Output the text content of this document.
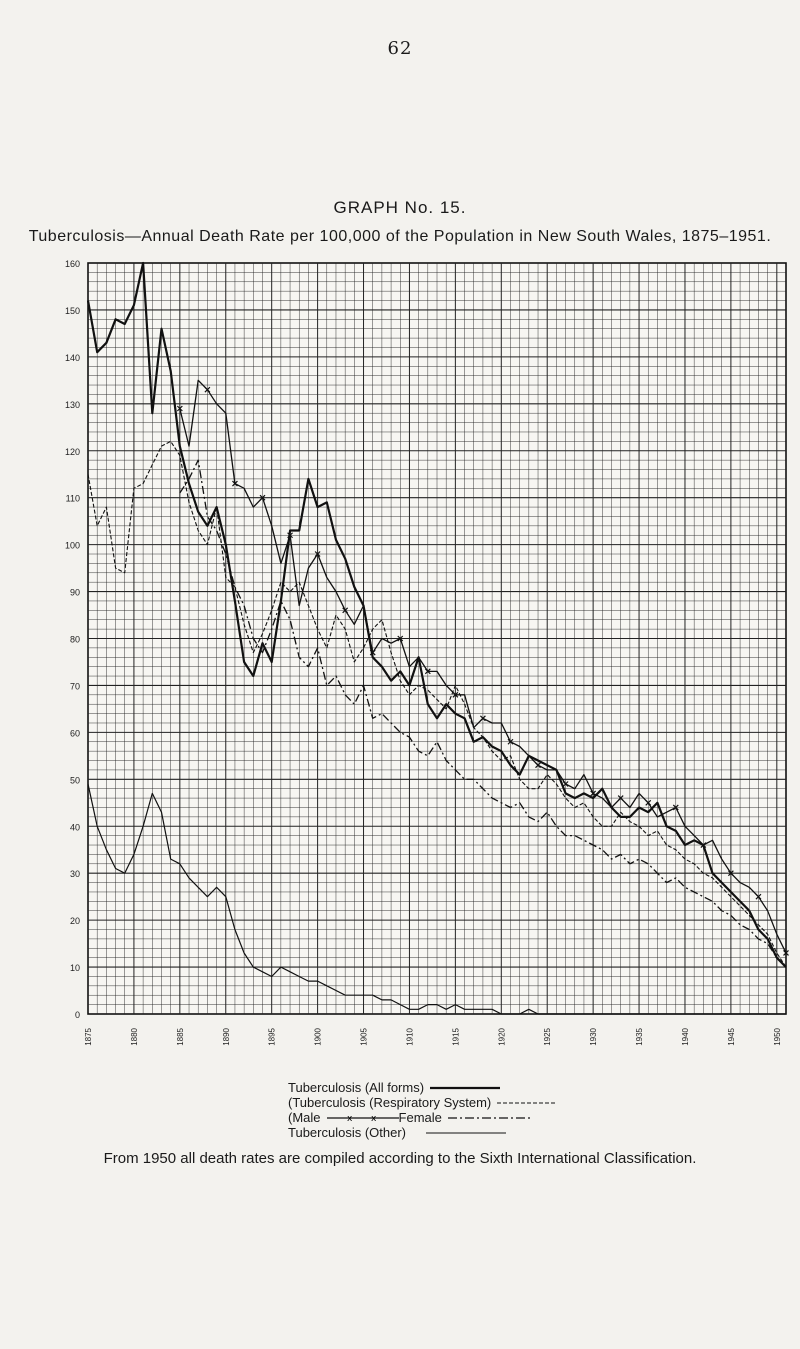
62
GRAPH No. 15.
Tuberculosis—Annual Death Rate per 100,000 of the Population in New South Wales, 1875–1951.
0
10
20
30
40
50
60
70
80
90
100
110
120
130
140
150
160
1875	1880	1885	1890	1895	1900	1905	1910	1915	1920	1925	1930	1935	1940	1945	1950
Tuberculosis (All forms)
( Tuberculosis (Respiratory System)
( Male	x x Female
Tuberculosis (Other)
From 1950 all death rates are compiled according to the Sixth International Classification.
